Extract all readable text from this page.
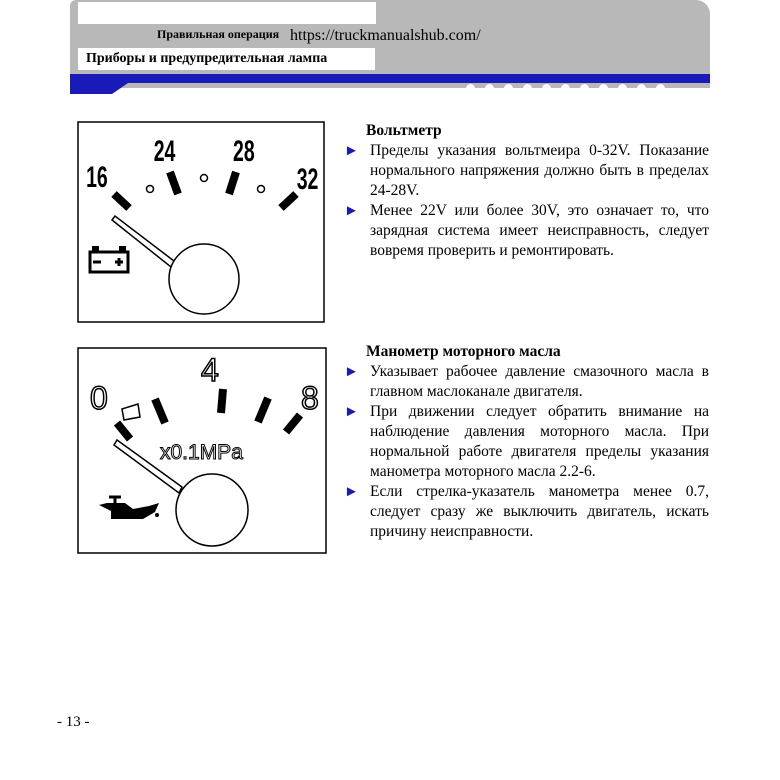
Правильная операция https://truckmanualshub.com/
Приборы и предупредительная лампа
16
24 28
32
Вольтметр
► Пределы указания вольтмеира 0-32V. Показание нормального напряжения должно быть в пределах 24-28V.
► Менее 22V или более 30V, это означает то, что зарядная система имеет неисправность, следует вовремя проверить и ремонтировать.
0
4
8
x0.1MPa
Манометр моторного масла
► Указывает рабочее давление смазочного масла в главном маслоканале двигателя.
► При движении следует обратить внимание на наблюдение давления моторного масла. При нормальной работе двигателя пределы указания манометра моторного масла 2.2-6.
► Если стрелка-указатель манометра менее 0.7, следует сразу же выключить двигатель, искать причину неисправности.
- 13 -
